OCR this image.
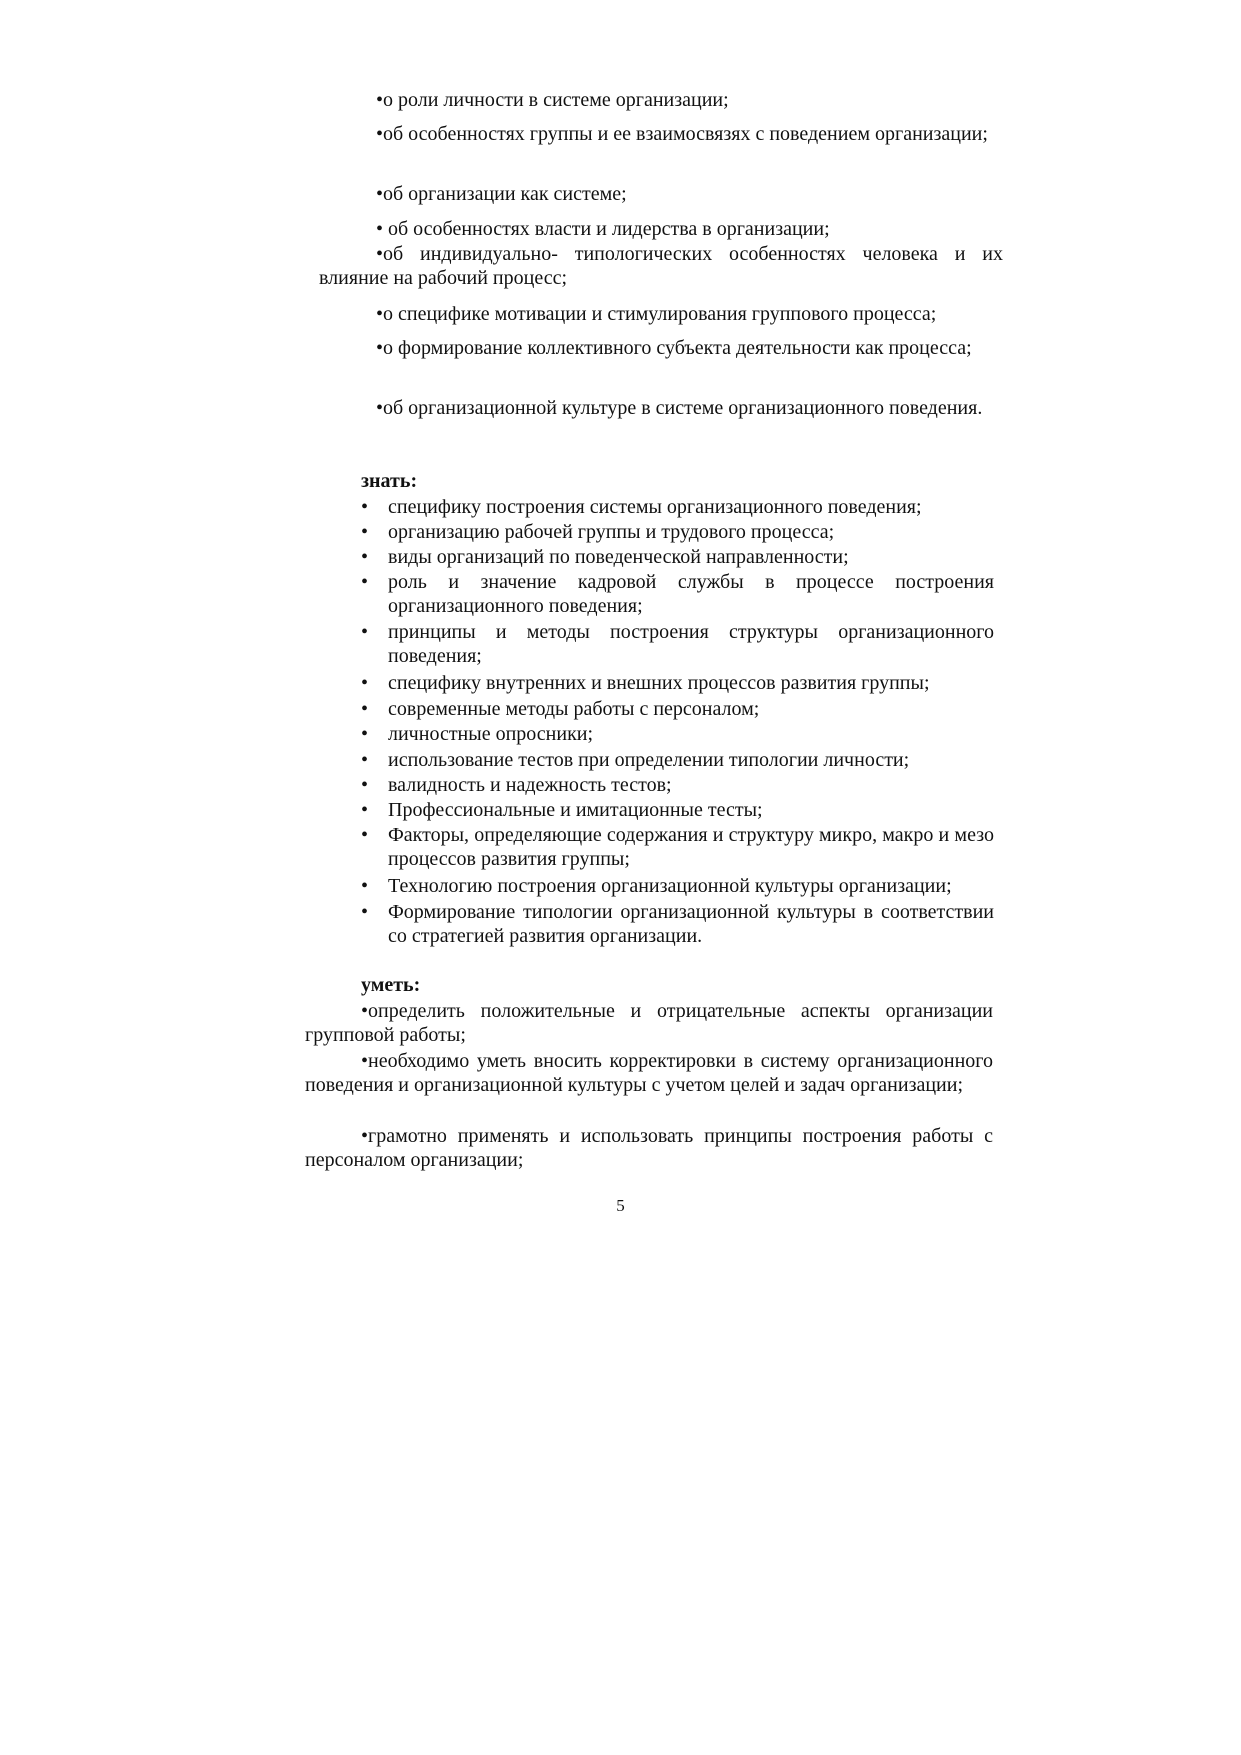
•о роли личности в системе организации;

•об особенностях группы и ее взаимосвязях с поведением организации;

•об организации как системе;

• об особенностях власти и лидерства в организации;

•об индивидуально- типологических особенностях человека и их влияние на рабочий процесс;

•о специфике мотивации и стимулирования группового процесса;

•о формирование коллективного субъекта деятельности как процесса;

•об организационной культуре в системе организационного поведения.

знать:

• специфику построения системы организационного поведения;
• организацию рабочей группы и трудового процесса;
• виды организаций по поведенческой направленности;
• роль и значение кадровой службы в процессе построения организационного поведения;
• принципы и методы построения структуры организационного поведения;
• специфику внутренних и внешних процессов развития группы;
• современные методы работы с персоналом;
• личностные опросники;
• использование тестов при определении типологии личности;
• валидность и надежность тестов;
• Профессиональные и имитационные тесты;
• Факторы, определяющие содержания и структуру микро, макро и мезо процессов развития группы;
• Технологию построения организационной культуры организации;
• Формирование типологии организационной культуры в соответствии со стратегией развития организации.

уметь:

•определить положительные и отрицательные аспекты организации групповой работы;

•необходимо уметь вносить корректировки в систему организационного поведения и организационной культуры с учетом целей и задач организации;

•грамотно применять и использовать принципы построения работы с персоналом организации;

5
